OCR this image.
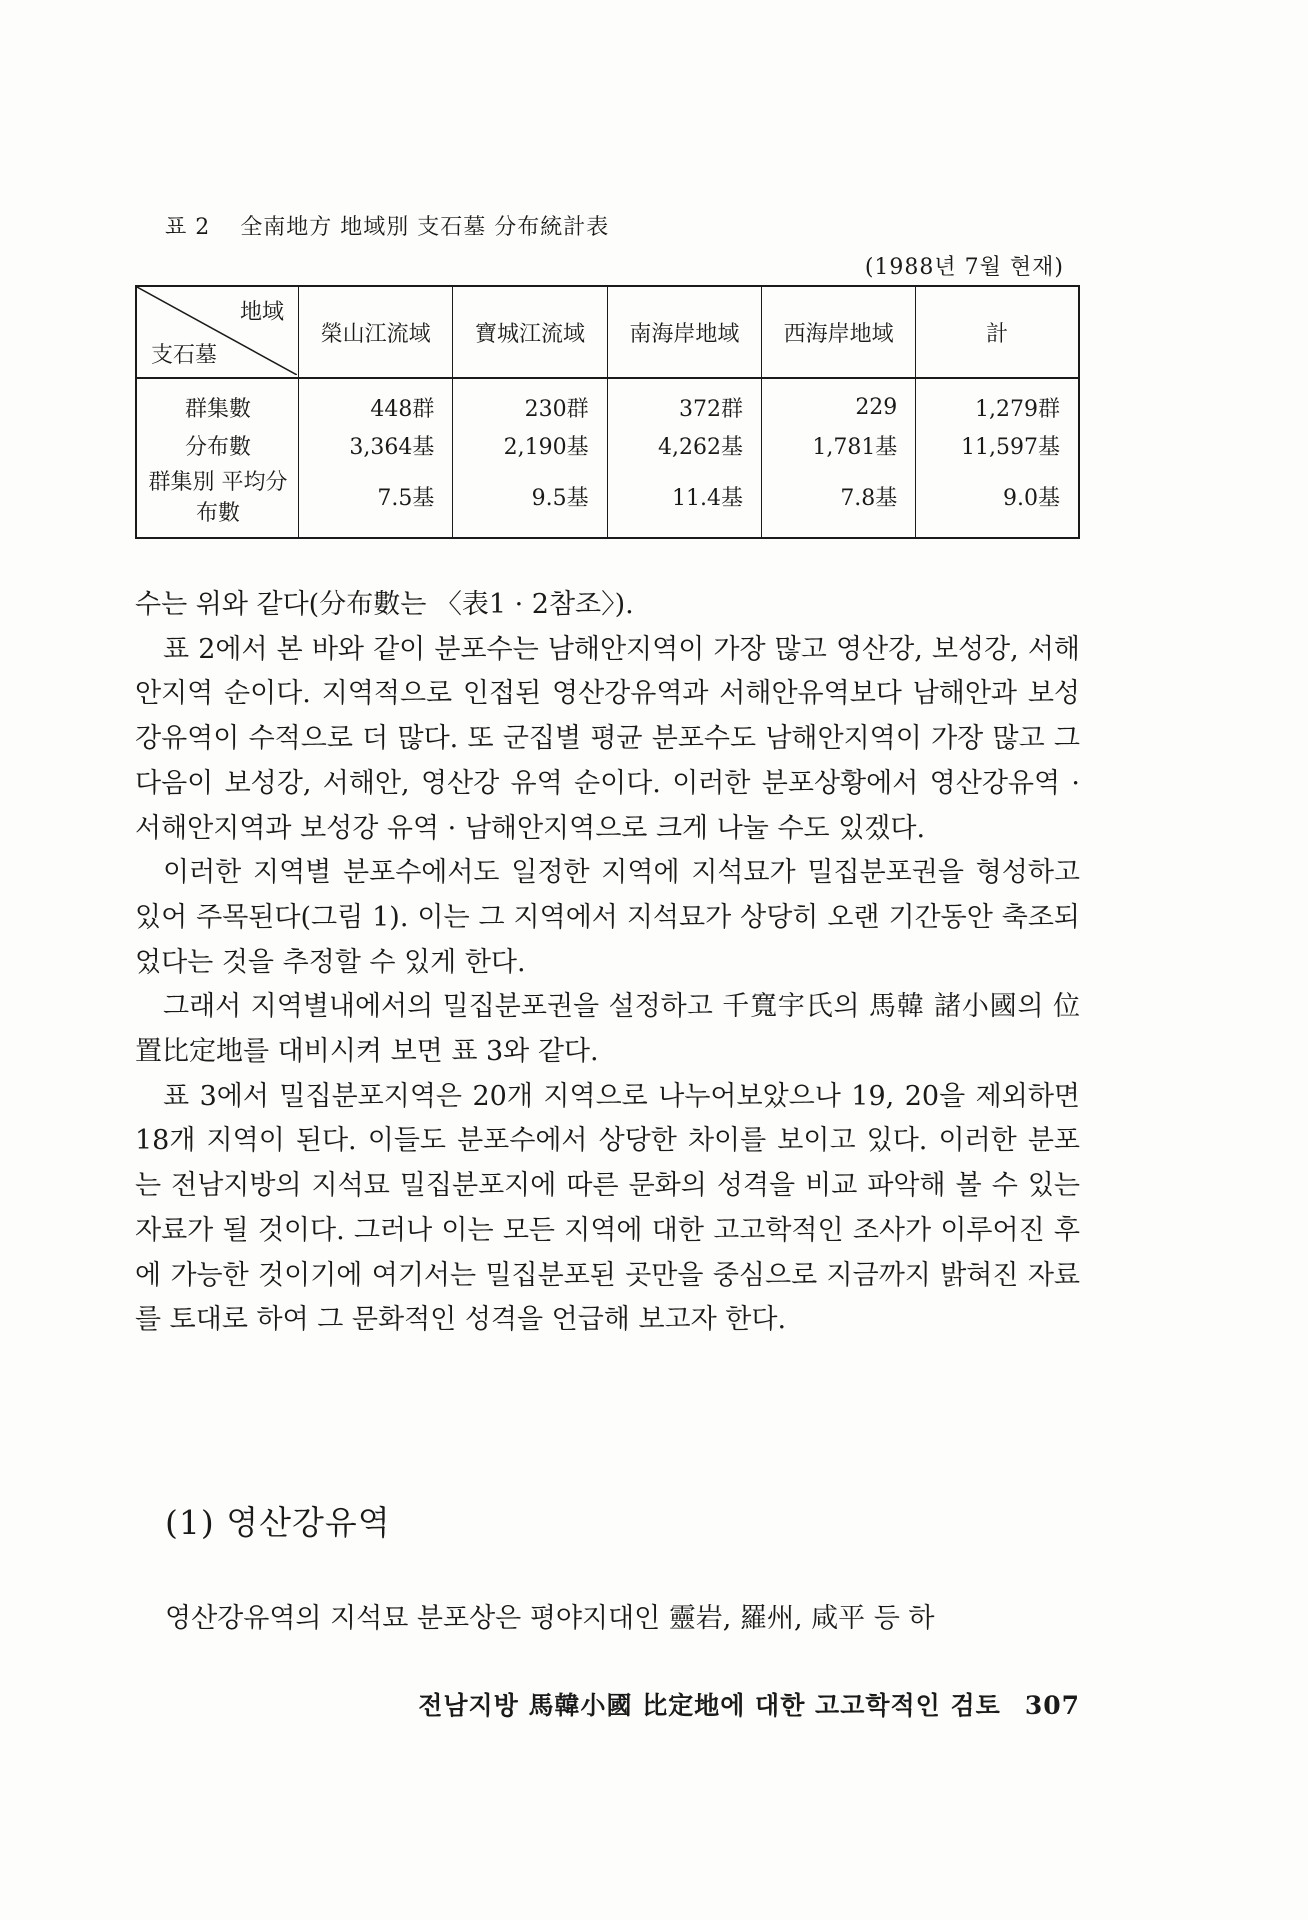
표 2 全南地方 地域別 支石墓 分布統計表
(1988년 7월 현재)
地域
支石墓	榮山江流域	寶城江流域	南海岸地域	西海岸地域	計
群集數	448群	230群	372群	229	1,279群
分布數	3,364基	2,190基	4,262基	1,781基	11,597基
群集別 平均分布數	7.5基	9.5基	11.4基	7.8基	9.0基

수는 위와 같다(分布數는 〈表1 · 2참조〉).

표 2에서 본 바와 같이 분포수는 남해안지역이 가장 많고 영산강, 보성강, 서해안지역 순이다. 지역적으로 인접된 영산강유역과 서해안유역보다 남해안과 보성강유역이 수적으로 더 많다. 또 군집별 평균 분포수도 남해안지역이 가장 많고 그 다음이 보성강, 서해안, 영산강 유역 순이다. 이러한 분포상황에서 영산강유역 · 서해안지역과 보성강 유역 · 남해안지역으로 크게 나눌 수도 있겠다.

이러한 지역별 분포수에서도 일정한 지역에 지석묘가 밀집분포권을 형성하고 있어 주목된다(그림 1). 이는 그 지역에서 지석묘가 상당히 오랜 기간동안 축조되었다는 것을 추정할 수 있게 한다.

그래서 지역별내에서의 밀집분포권을 설정하고 千寬宇氏의 馬韓 諸小國의 位置比定地를 대비시켜 보면 표 3와 같다.

표 3에서 밀집분포지역은 20개 지역으로 나누어보았으나 19, 20을 제외하면 18개 지역이 된다. 이들도 분포수에서 상당한 차이를 보이고 있다. 이러한 분포는 전남지방의 지석묘 밀집분포지에 따른 문화의 성격을 비교 파악해 볼 수 있는 자료가 될 것이다. 그러나 이는 모든 지역에 대한 고고학적인 조사가 이루어진 후에 가능한 것이기에 여기서는 밀집분포된 곳만을 중심으로 지금까지 밝혀진 자료를 토대로 하여 그 문화적인 성격을 언급해 보고자 한다.

(1) 영산강유역
영산강유역의 지석묘 분포상은 평야지대인 靈岩, 羅州, 咸平 등 하
전남지방 馬韓小國 比定地에 대한 고고학적인 검토 307
